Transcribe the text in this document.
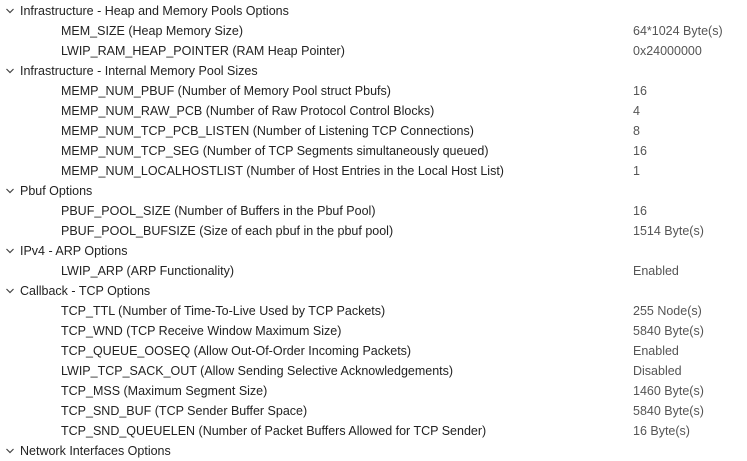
Infrastructure - Heap and Memory Pools Options
MEM_SIZE (Heap Memory Size)	64*1024 Byte(s)
LWIP_RAM_HEAP_POINTER (RAM Heap Pointer)	0x24000000
Infrastructure - Internal Memory Pool Sizes
MEMP_NUM_PBUF (Number of Memory Pool struct Pbufs)	16
MEMP_NUM_RAW_PCB (Number of Raw Protocol Control Blocks)	4
MEMP_NUM_TCP_PCB_LISTEN (Number of Listening TCP Connections)	8
MEMP_NUM_TCP_SEG (Number of TCP Segments simultaneously queued)	16
MEMP_NUM_LOCALHOSTLIST (Number of Host Entries in the Local Host List)	1
Pbuf Options
PBUF_POOL_SIZE (Number of Buffers in the Pbuf Pool)	16
PBUF_POOL_BUFSIZE (Size of each pbuf in the pbuf pool)	1514 Byte(s)
IPv4 - ARP Options
LWIP_ARP (ARP Functionality)	Enabled
Callback - TCP Options
TCP_TTL (Number of Time-To-Live Used by TCP Packets)	255 Node(s)
TCP_WND (TCP Receive Window Maximum Size)	5840 Byte(s)
TCP_QUEUE_OOSEQ (Allow Out-Of-Order Incoming Packets)	Enabled
LWIP_TCP_SACK_OUT (Allow Sending Selective Acknowledgements)	Disabled
TCP_MSS (Maximum Segment Size)	1460 Byte(s)
TCP_SND_BUF (TCP Sender Buffer Space)	5840 Byte(s)
TCP_SND_QUEUELEN (Number of Packet Buffers Allowed for TCP Sender)	16 Byte(s)
Network Interfaces Options
